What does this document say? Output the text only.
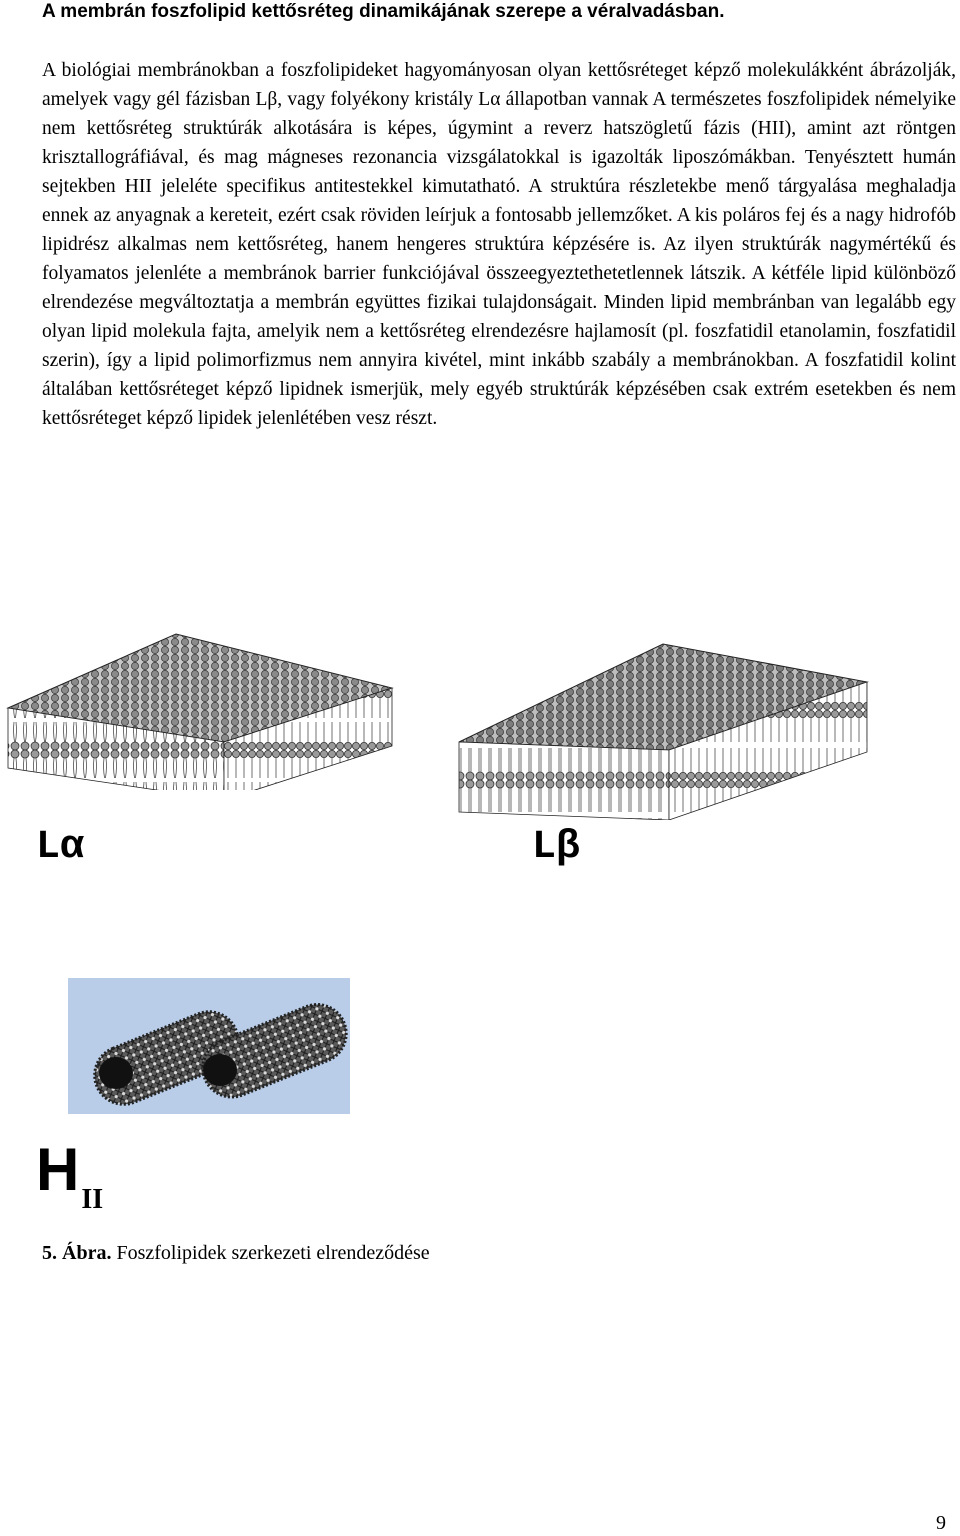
A membrán foszfolipid kettősréteg dinamikájának szerepe a véralvadásban.

A biológiai membránokban a foszfolipideket hagyományosan olyan kettősréteget képző molekulákként ábrázolják, amelyek vagy gél fázisban Lβ, vagy folyékony kristály Lα állapotban vannak A természetes foszfolipidek némelyike nem kettősréteg struktúrák alkotására is képes, úgymint a reverz hatszögletű fázis (HII), amint azt röntgen krisztallográfiával, és mag mágneses rezonancia vizsgálatokkal is igazolták liposzómákban. Tenyésztett humán sejtekben HII jeleléte specifikus antitestekkel kimutatható. A struktúra részletekbe menő tárgyalása meghaladja ennek az anyagnak a kereteit, ezért csak röviden leírjuk a fontosabb jellemzőket. A kis poláros fej és a nagy hidrofób lipidrész alkalmas nem kettősréteg, hanem hengeres struktúra képzésére is. Az ilyen struktúrák nagymértékű és folyamatos jelenléte a membránok barrier funkciójával összeegyeztethetetlennek látszik. A kétféle lipid különböző elrendezése megváltoztatja a membrán együttes fizikai tulajdonságait. Minden lipid membránban van legalább egy olyan lipid molekula fajta, amelyik nem a kettősréteg elrendezésre hajlamosít (pl. foszfatidil etanolamin, foszfatidil szerin), így a lipid polimorfizmus nem annyira kivétel, mint inkább szabály a membránokban. A foszfatidil kolint általában kettősréteget képző lipidnek ismerjük, mely egyéb struktúrák képzésében csak extrém esetekben és nem kettősréteget képző lipidek jelenlétében vesz részt.

Lα	Lβ
HII
5. Ábra. Foszfolipidek szerkezeti elrendeződése
9
